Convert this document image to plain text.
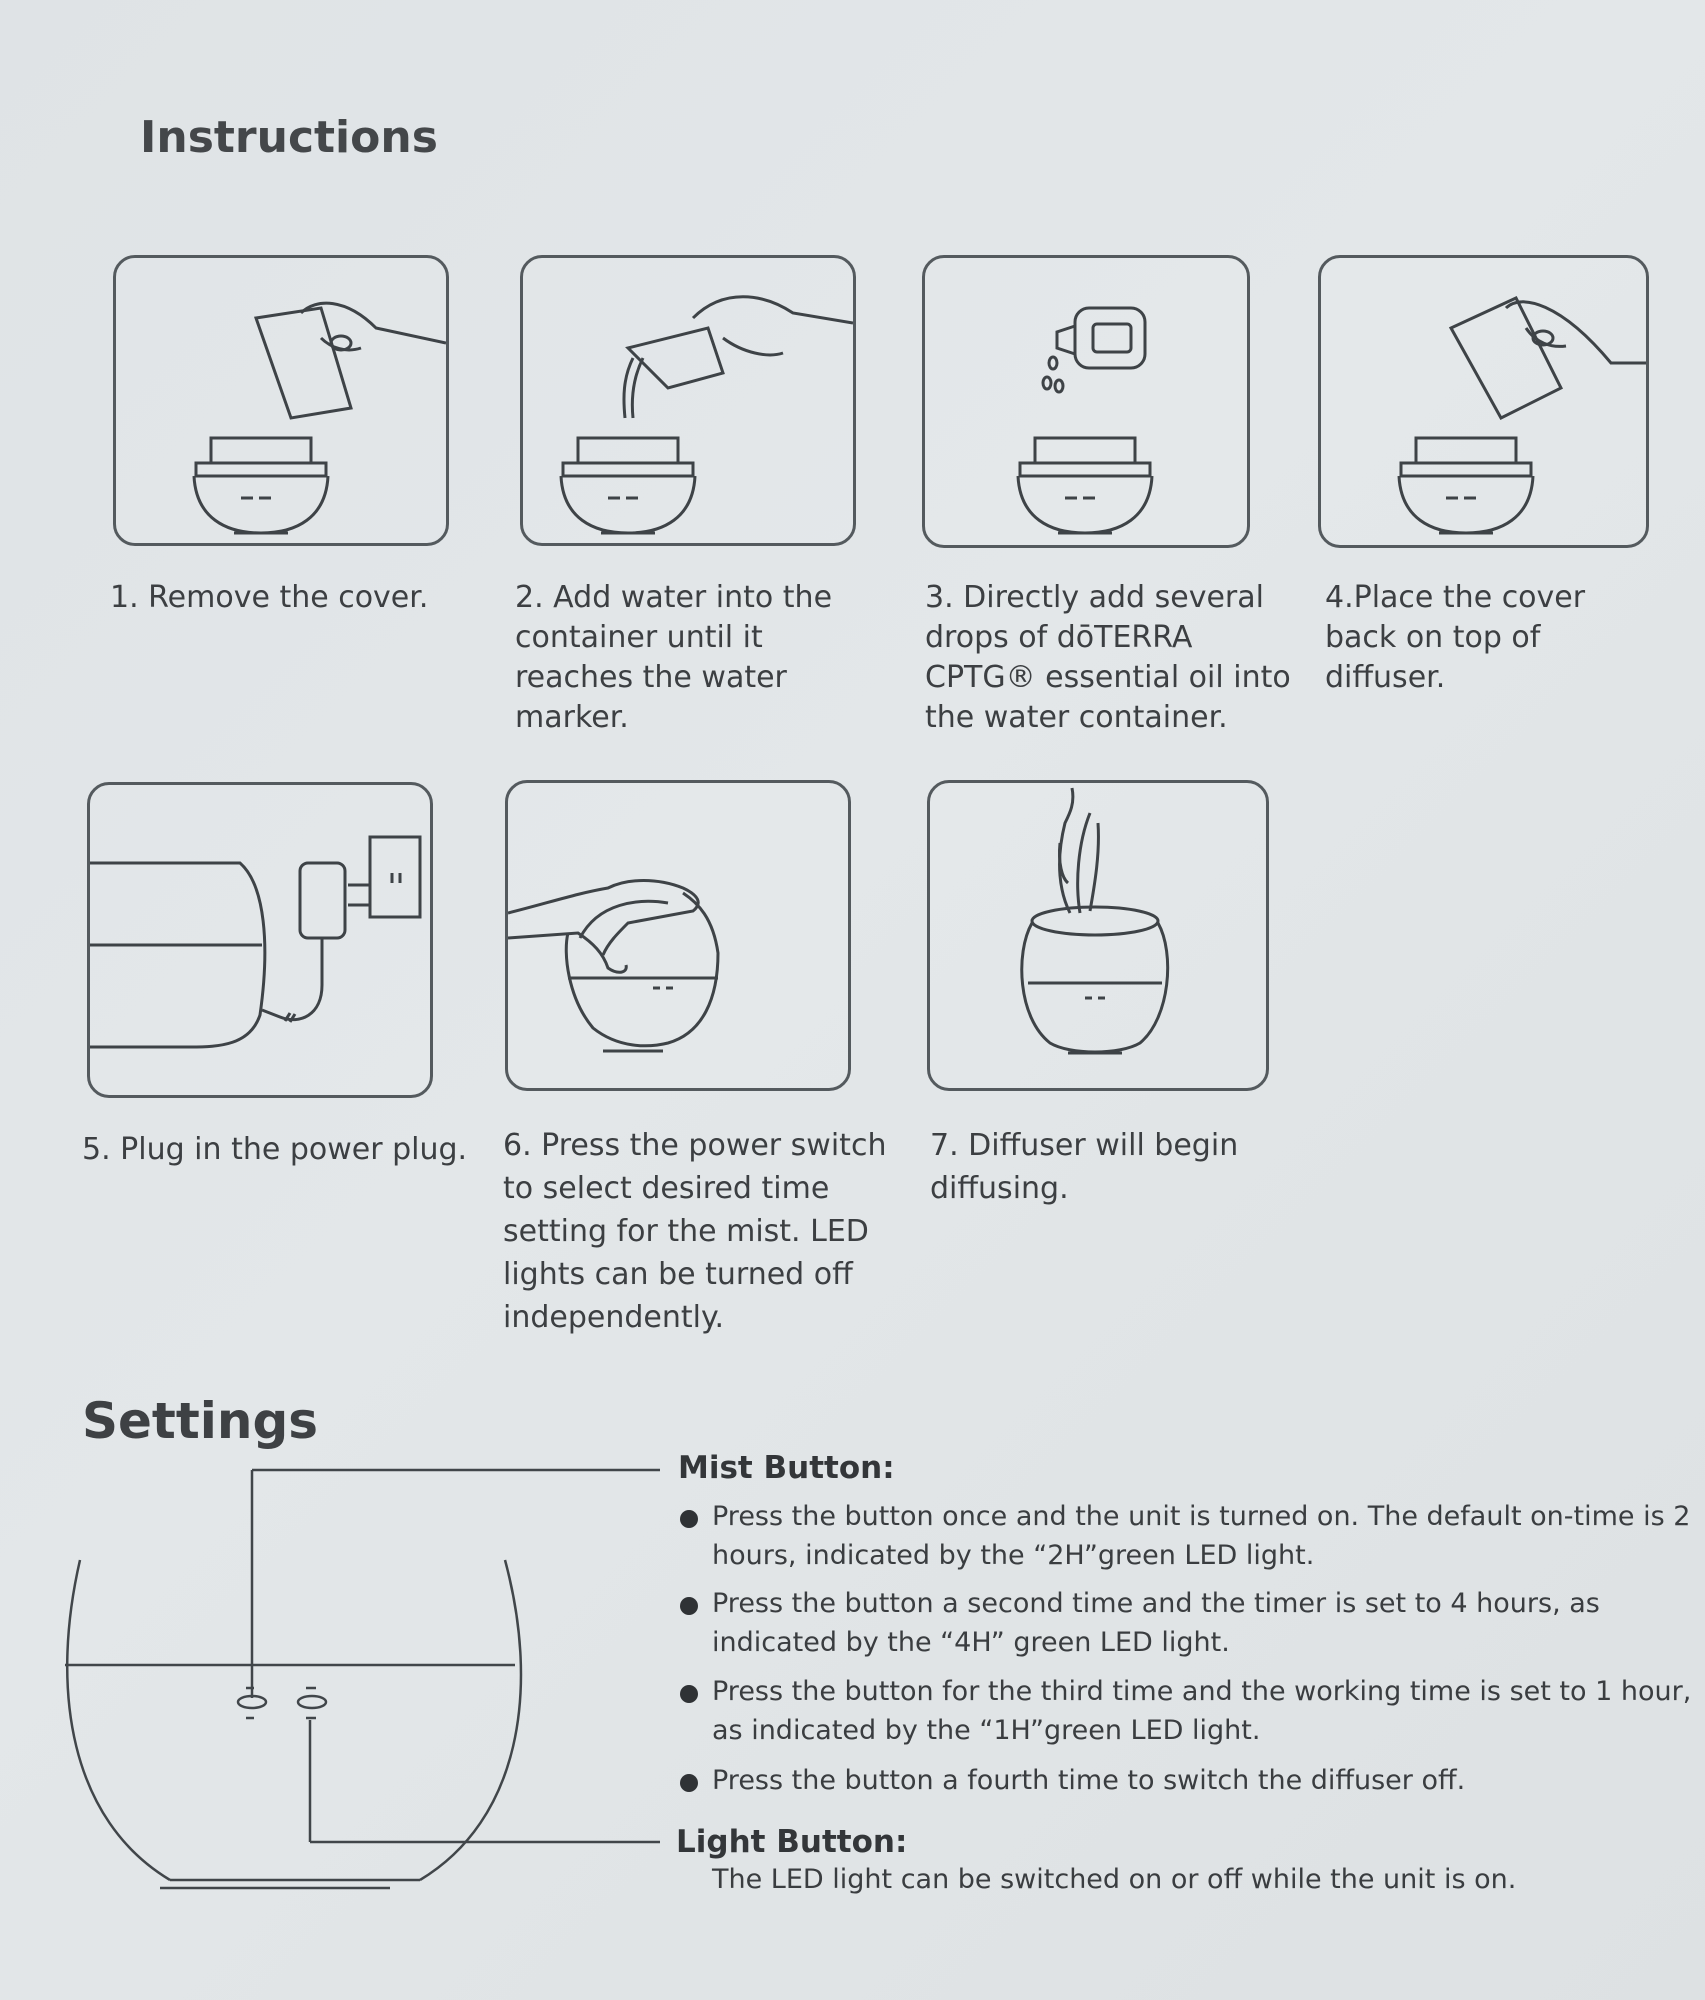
Instructions
1. Remove the cover.	2. Add water into the container until it reaches the water marker.
3. Directly add several drops of dōTERRA CPTG® essential oil into the water container.
4.Place the cover back on top of diffuser.
5. Plug in the power plug.	6. Press the power switch to select desired time setting for the mist. LED lights can be turned off independently.
7. Diffuser will begin diffusing.
Settings
Mist Button:
Press the button once and the unit is turned on. The default on-time is 2 hours, indicated by the “2H”green LED light.
Press the button a second time and the timer is set to 4 hours, as indicated by the “4H” green LED light.
Press the button for the third time and the working time is set to 1 hour, as indicated by the “1H”green LED light.
Press the button a fourth time to switch the diffuser off.
Light Button:
The LED light can be switched on or off while the unit is on.
